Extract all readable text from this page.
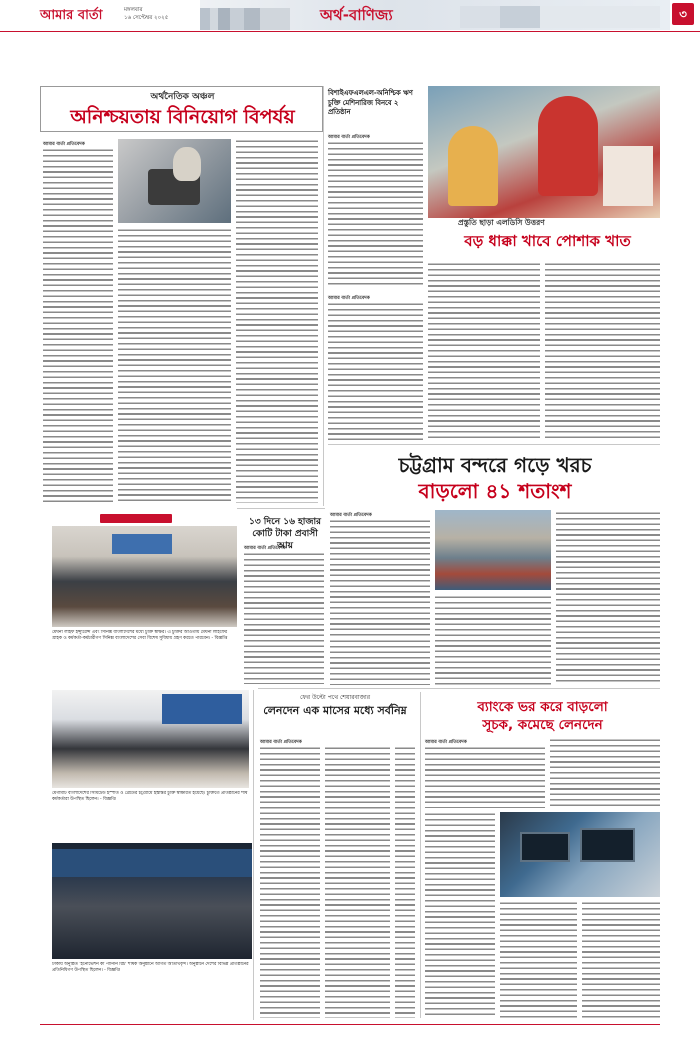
আমার বার্তা	মঙ্গলবার
১৬ সেপ্টেম্বর ২০২৫	অর্থ-বাণিজ্য	৩
অর্থনৈতিক অঞ্চল
অনিশ্চয়তায় বিনিয়োগ বিপর্যয়
আমার বার্তা প্রতিবেদক
বিশাইএফএলএল-অনিশ্চিক ঋণ চুক্তি মেশিনারিজ বিনবে ২ প্রতিষ্ঠান
আমার বার্তা প্রতিবেদক
প্রস্তুতি ছাড়া এলডিসি উত্তরণ
বড় ধাক্কা খাবে পোশাক খাত
আমার বার্তা প্রতিবেদক
চট্টগ্রাম বন্দরে গড়ে খরচ
বাড়লো ৪১ শতাংশ
আমার বার্তা প্রতিবেদক
১৩ দিনে ১৬ হাজার কোটি টাকা প্রবাসী আয়
আমার বার্তা প্রতিবেদক
মেঘনা লাইফ ইন্স্যুরেন্স এবং সিনিক্স বাংলাদেশের মধ্যে চুক্তি স্বাক্ষর। এ চুক্তির আওতায় মেঘনা লাইফের গ্রাহক ও কর্মকর্তা-কর্মচারীগণ সিনিক্স বাংলাদেশের সেবা বিশেষ সুবিধায় গ্রহণ করতে পারবেন। - বিজ্ঞপ্তি
মেগামার্ট বাংলাদেশের সিমিটেড ইস্পাত ও ব্রেডের চট্টগ্রামে হস্তান্তর চুক্তি স্বাক্ষরিত হয়েছে। চুক্তিতে প্রতিষ্ঠানের শীর্ষ কর্মকর্তারা উপস্থিত ছিলেন। - বিজ্ঞপ্তি
ঢাকায় অনুষ্ঠিত 'ইনোভেশন কী পানিনি রিচ' শীর্ষক অনুষ্ঠানে আগত অতিথিবৃন্দ। অনুষ্ঠানে দেশের বিভিন্ন প্রতিষ্ঠানের প্রতিনিধিগণ উপস্থিত ছিলেন। - বিজ্ঞপ্তি
ফের উল্টো পথে শেয়ারবাজার
লেনদেন এক মাসের মধ্যে সর্বনিম্ন
আমার বার্তা প্রতিবেদক
ব্যাংকে ভর করে বাড়লো
সূচক, কমেছে লেনদেন
আমার বার্তা প্রতিবেদক
